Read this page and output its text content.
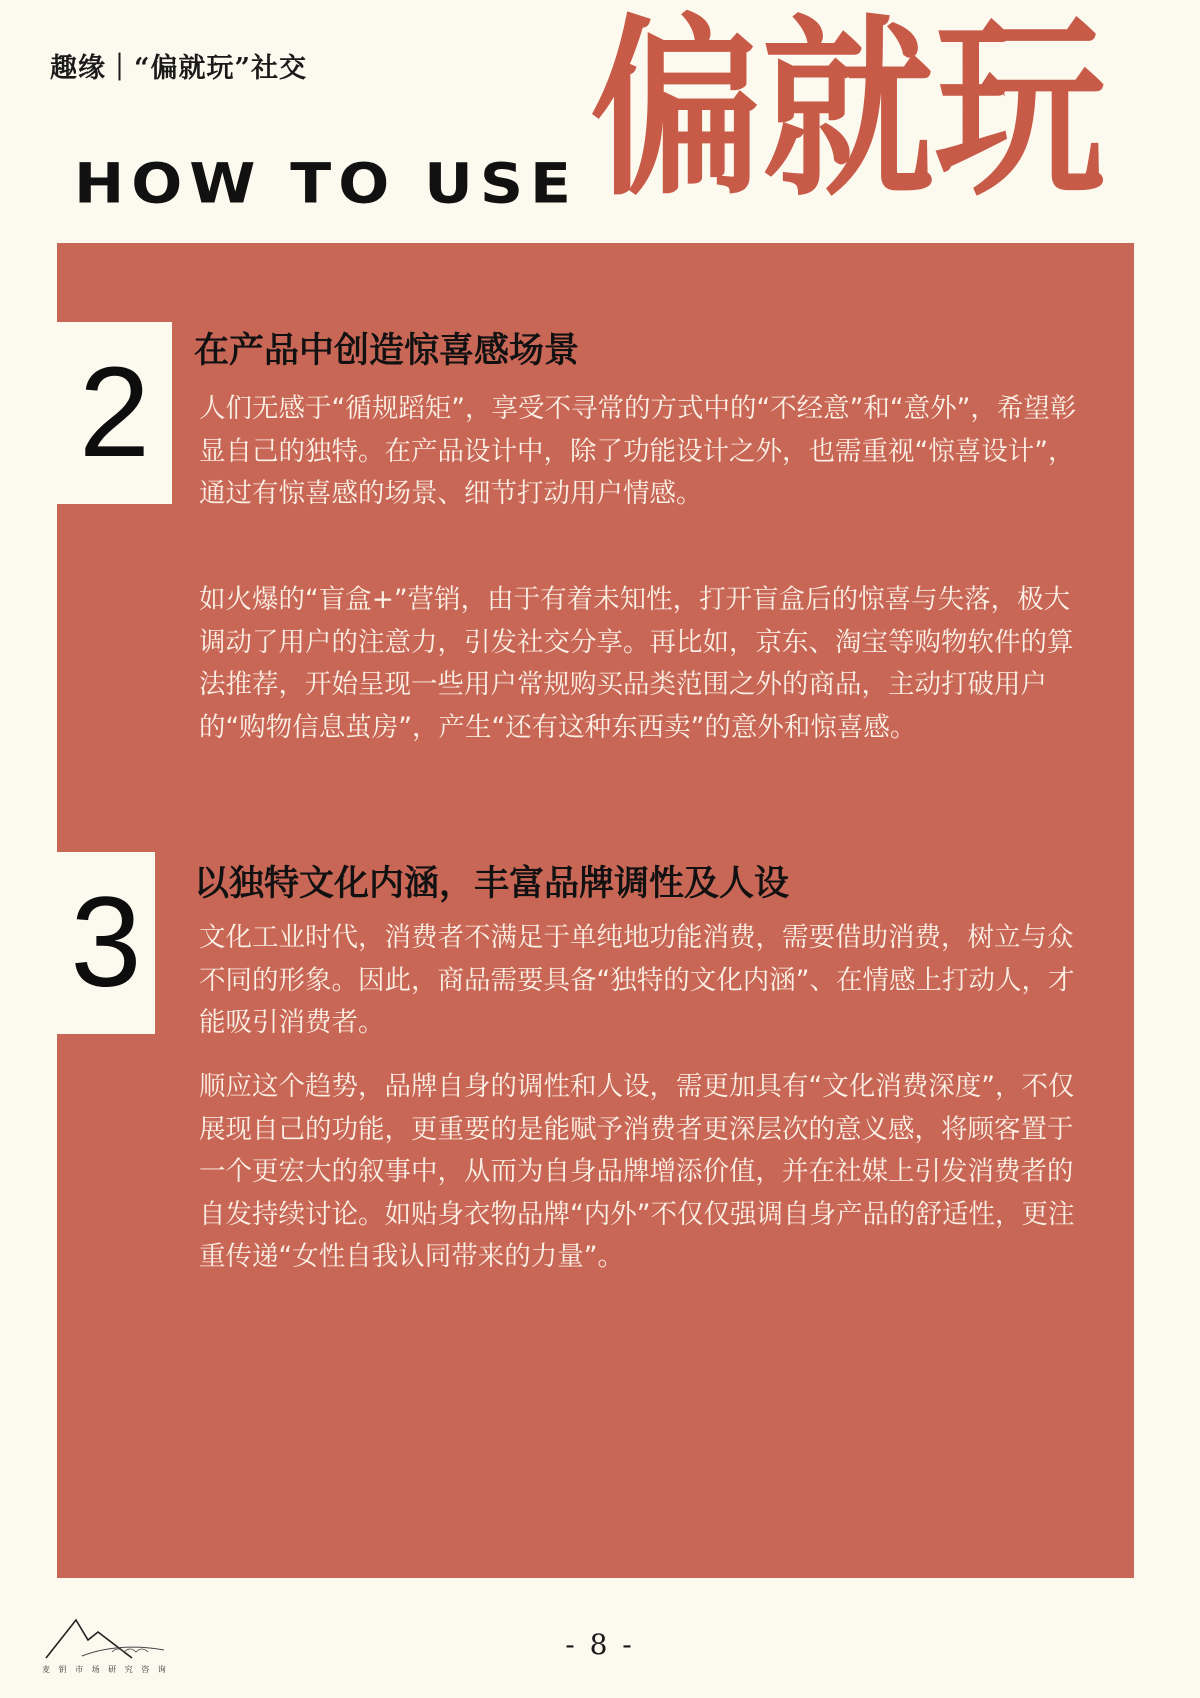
趣缘｜“偏就玩”社交 偏就玩
HOW TO USE
2 在产品中创造惊喜感场景

人们无感于“循规蹈矩”，享受不寻常的方式中的“不经意”和“意外”，希望彰显自己的独特。在产品设计中，除了功能设计之外，也需重视“惊喜设计”，通过有惊喜感的场景、细节打动用户情感。

如火爆的“盲盒+”营销，由于有着未知性，打开盲盒后的惊喜与失落，极大调动了用户的注意力，引发社交分享。再比如，京东、淘宝等购物软件的算法推荐，开始呈现一些用户常规购买品类范围之外的商品，主动打破用户的“购物信息茧房”，产生“还有这种东西卖”的意外和惊喜感。

3 以独特文化内涵，丰富品牌调性及人设

文化工业时代，消费者不满足于单纯地功能消费，需要借助消费，树立与众不同的形象。因此，商品需要具备“独特的文化内涵”、在情感上打动人，才能吸引消费者。

顺应这个趋势，品牌自身的调性和人设，需更加具有“文化消费深度”，不仅展现自己的功能，更重要的是能赋予消费者更深层次的意义感，将顾客置于一个更宏大的叙事中，从而为自身品牌增添价值，并在社媒上引发消费者的自发持续讨论。如贴身衣物品牌“内外”不仅仅强调自身产品的舒适性，更注重传递“女性自我认同带来的力量”。

麦 钥 市 场 研 究 咨 询
- 8 -
